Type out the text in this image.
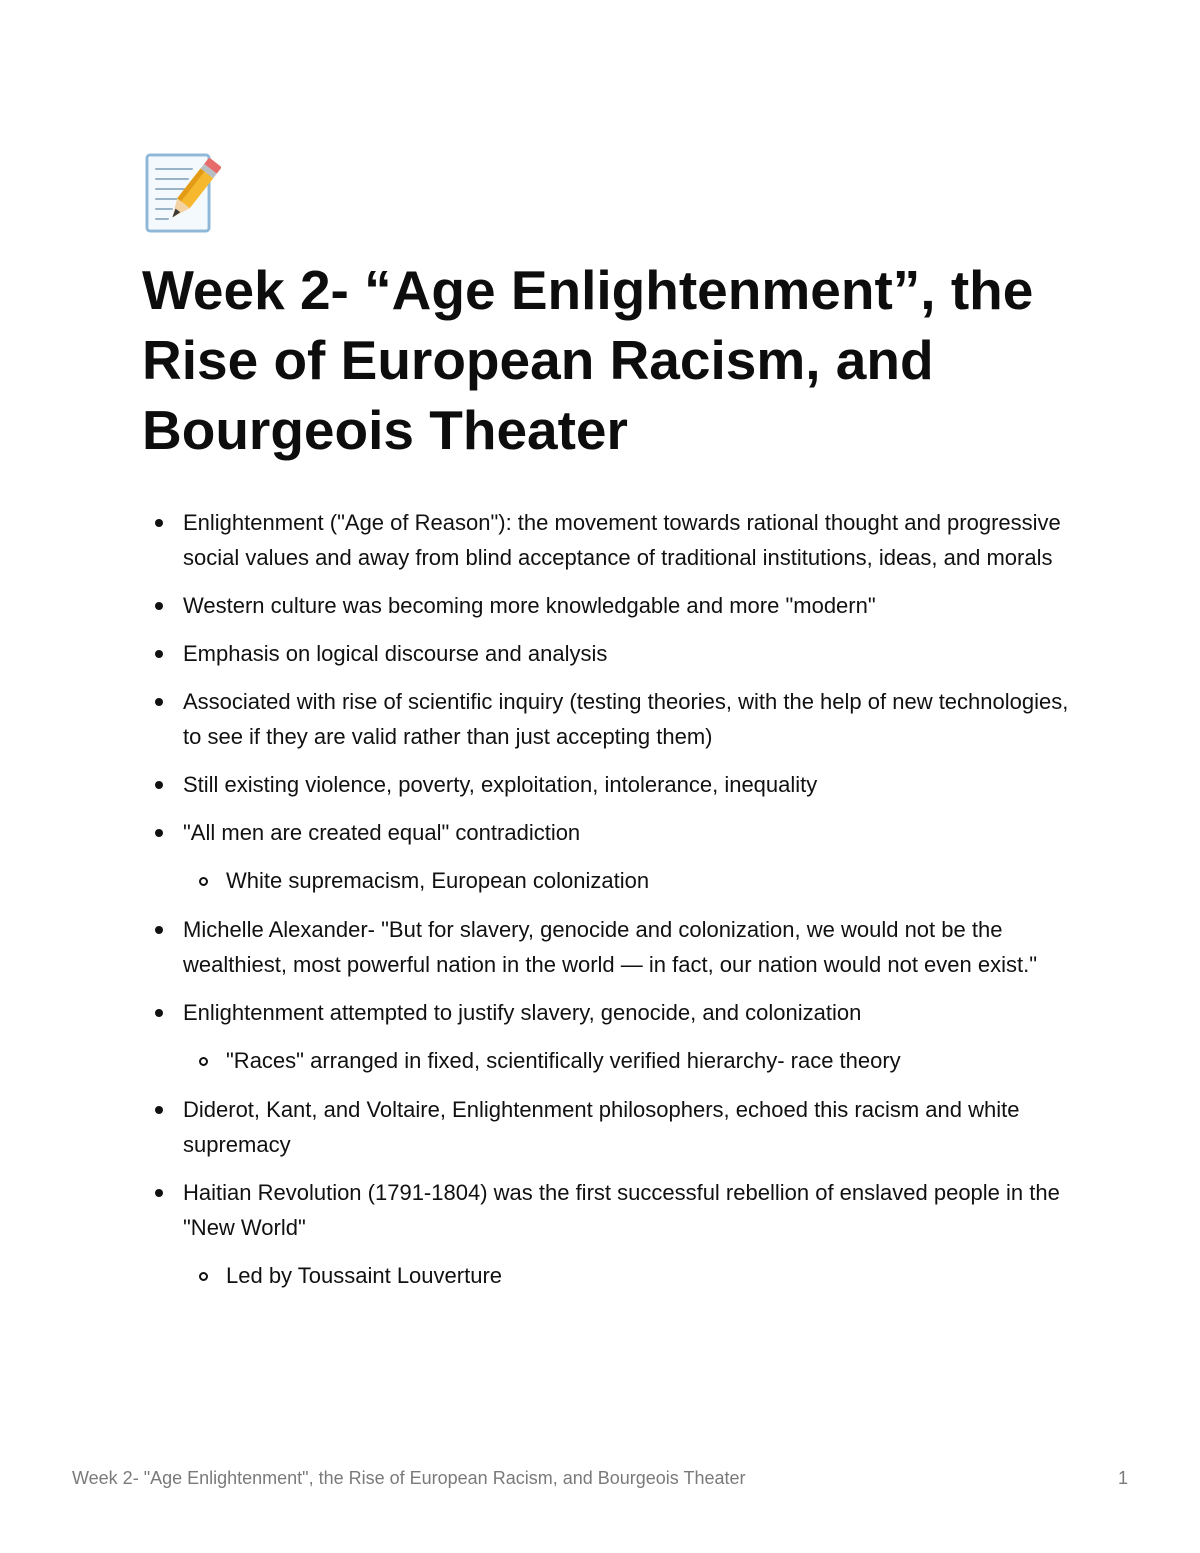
Week 2- “Age Enlightenment”, the Rise of European Racism, and Bourgeois Theater
Enlightenment ("Age of Reason"): the movement towards rational thought and progressive social values and away from blind acceptance of traditional institutions, ideas, and morals
Western culture was becoming more knowledgable and more "modern"
Emphasis on logical discourse and analysis
Associated with rise of scientific inquiry (testing theories, with the help of new technologies, to see if they are valid rather than just accepting them)
Still existing violence, poverty, exploitation, intolerance, inequality
"All men are created equal" contradiction
White supremacism, European colonization
Michelle Alexander- "But for slavery, genocide and colonization, we would not be the wealthiest, most powerful nation in the world — in fact, our nation would not even exist."
Enlightenment attempted to justify slavery, genocide, and colonization
"Races" arranged in fixed, scientifically verified hierarchy- race theory
Diderot, Kant, and Voltaire, Enlightenment philosophers, echoed this racism and white supremacy
Haitian Revolution (1791-1804) was the first successful rebellion of enslaved people in the "New World"
Led by Toussaint Louverture
Week 2- "Age Enlightenment", the Rise of European Racism, and Bourgeois Theater	1
